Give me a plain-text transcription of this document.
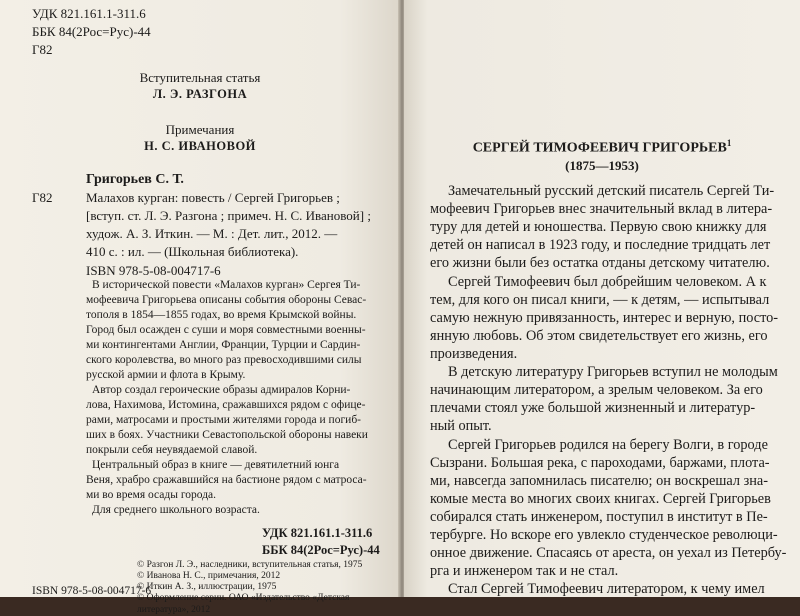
УДК 821.161.1-311.6
ББК 84(2Рос=Рус)-44
Г82
Вступительная статья
Л. Э. РАЗГОНА
Примечания
Н. С. ИВАНОВОЙ
Григорьев С. Т.
Г82	Малахов курган: повесть / Сергей Григорьев ;
[вступ. ст. Л. Э. Разгона ; примеч. Н. С. Ивановой] ;
худож. А. З. Иткин. — М. : Дет. лит., 2012. —
410 с. : ил. — (Школьная библиотека).
ISBN 978-5-08-004717-6
В исторической повести «Малахов курган» Сергея Ти-
мофеевича Григорьева описаны события обороны Севас-
тополя в 1854—1855 годах, во время Крымской войны.
Город был осажден с суши и моря совместными военны-
ми контингентами Англии, Франции, Турции и Сардин-
ского королевства, во много раз превосходившими силы
русской армии и флота в Крыму.
Автор создал героические образы адмиралов Корни-
лова, Нахимова, Истомина, сражавшихся рядом с офице-
рами, матросами и простыми жителями города и погиб-
ших в боях. Участники Севастопольской обороны навеки
покрыли себя неувядаемой славой.
Центральный образ в книге — девятилетний юнга
Веня, храбро сражавшийся на бастионе рядом с матроса-
ми во время осады города.
Для среднего школьного возраста.
УДК 821.161.1-311.6
ББК 84(2Рос=Рус)-44
© Разгон Л. Э., наследники, вступительная статья, 1975
© Иванова Н. С., примечания, 2012
© Иткин А. З., иллюстрации, 1975
© Оформление серии. ОАО «Издательство «Детская литература», 2012
ISBN 978-5-08-004717-6
СЕРГЕЙ ТИМОФЕЕВИЧ ГРИГОРЬЕВ$^1$
(1875—1953)
Замечательный русский детский писатель Сергей Ти-
мофеевич Григорьев внес значительный вклад в литера-
туру для детей и юношества. Первую свою книжку для
детей он написал в 1923 году, и последние тридцать лет
его жизни были без остатка отданы детскому читателю.
Сергей Тимофеевич был добрейшим человеком. А к
тем, для кого он писал книги, — к детям, — испытывал
самую нежную привязанность, интерес и верную, посто-
янную любовь. Об этом свидетельствует его жизнь, его
произведения.
В детскую литературу Григорьев вступил не молодым
начинающим литератором, а зрелым человеком. За его
плечами стоял уже большой жизненный и литератур-
ный опыт.
Сергей Григорьев родился на берегу Волги, в городе
Сызрани. Большая река, с пароходами, баржами, плота-
ми, навсегда запомнилась писателю; он воскрешал зна-
комые места во многих своих книгах. Сергей Григорьев
собирался стать инженером, поступил в институт в Пе-
тербурге. Но вскоре его увлекло студенческое революци-
онное движение. Спасаясь от ареста, он уехал из Петербу-
рга и инженером так и не стал.
Стал Сергей Тимофеевич литератором, к чему имел
